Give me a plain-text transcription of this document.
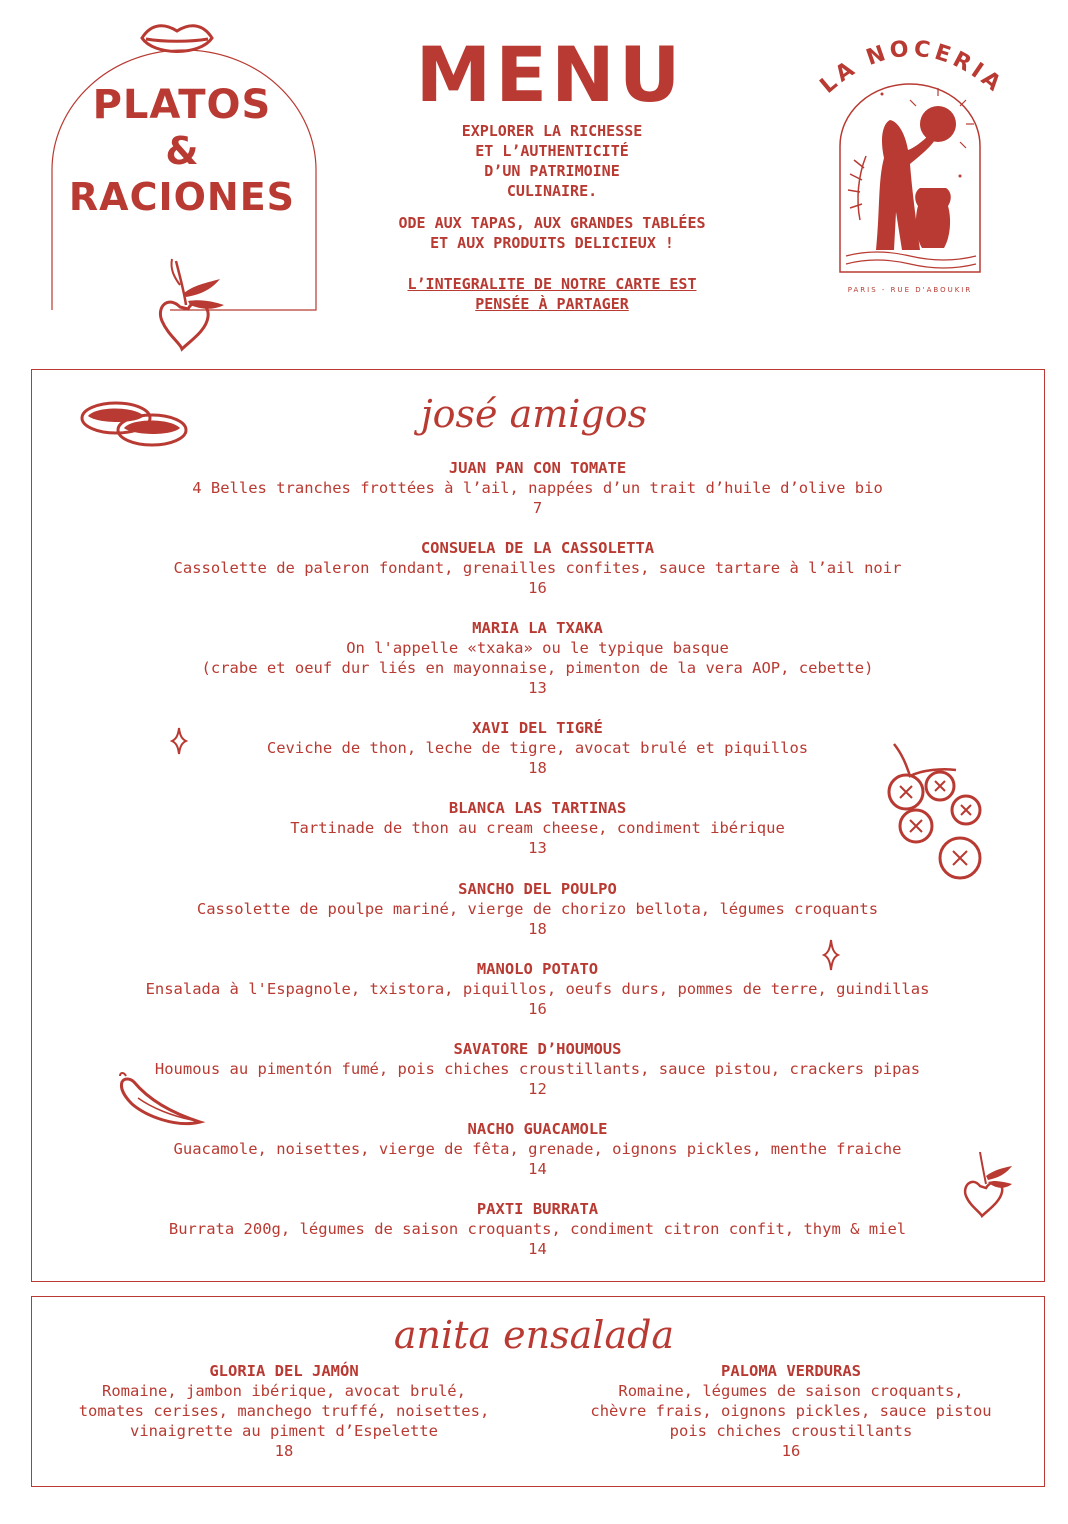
PLATOS
&
RACIONES
MENU
EXPLORER LA RICHESSE
ET L’AUTHENTICITÉ
D’UN PATRIMOINE
CULINAIRE.
ODE AUX TAPAS, AUX GRANDES TABLÉES
ET AUX PRODUITS DELICIEUX !
L’INTEGRALITE DE NOTRE CARTE EST
PENSÉE À PARTAGER
LA NOCERIA
PARIS - RUE D'ABOUKIR
josé amigos
JUAN PAN CON TOMATE
4 Belles tranches frottées à l’ail, nappées d’un trait d’huile d’olive bio
7
CONSUELA DE LA CASSOLETTA
Cassolette de paleron fondant, grenailles confites, sauce tartare à l’ail noir
16
MARIA LA TXAKA
On l'appelle «txaka» ou le typique basque
(crabe et oeuf dur liés en mayonnaise, pimenton de la vera AOP, cebette)
13
XAVI DEL TIGRÉ
Ceviche de thon, leche de tigre, avocat brulé et piquillos
18
BLANCA LAS TARTINAS
Tartinade de thon au cream cheese, condiment ibérique
13
SANCHO DEL POULPO
Cassolette de poulpe mariné, vierge de chorizo bellota, légumes croquants
18
MANOLO POTATO
Ensalada à l'Espagnole, txistora, piquillos, oeufs durs, pommes de terre, guindillas
16
SAVATORE D’HOUMOUS
Houmous au pimentón fumé, pois chiches croustillants, sauce pistou, crackers pipas
12
NACHO GUACAMOLE
Guacamole, noisettes, vierge de fêta, grenade, oignons pickles, menthe fraiche
14
PAXTI BURRATA
Burrata 200g, légumes de saison croquants, condiment citron confit, thym & miel
14
anita ensalada
GLORIA DEL JAMÓN
Romaine, jambon ibérique, avocat brulé,
tomates cerises, manchego truffé, noisettes,
vinaigrette au piment d’Espelette
18
PALOMA VERDURAS
Romaine, légumes de saison croquants,
chèvre frais, oignons pickles, sauce pistou
pois chiches croustillants
16
